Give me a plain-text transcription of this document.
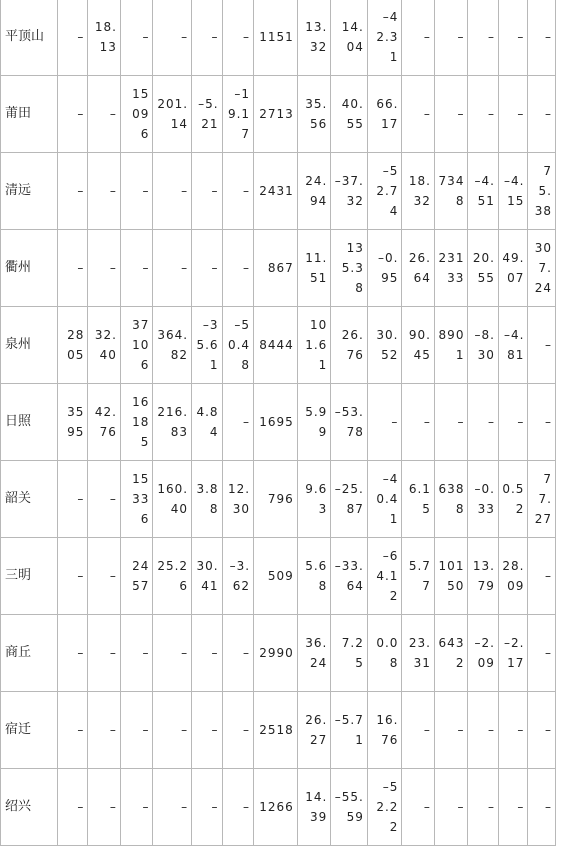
平顶山	–	18.13	–	–	–	–	1151	13.32	14.04	–42.31	–	–	–	–	–
莆田	–	–	15096	201.14	–5.21	–19.17	2713	35.56	40.55	66.17	–	–	–	–	–
清远	–	–	–	–	–	–	2431	24.94	–37.32	–52.74	18.32	7348	–4.51	–4.15	75.38
衢州	–	–	–	–	–	–	867	11.51	135.38	–0.95	26.64	23133	20.55	49.07	307.24
泉州	2805	32.40	37106	364.82	–35.61	–50.48	8444	101.61	26.76	30.52	90.45	8901	–8.30	–4.81	–
日照	3595	42.76	16185	216.83	4.84	–	1695	5.99	–53.78	–	–	–	–	–	–
韶关	–	–	15336	160.40	3.88	12.30	796	9.63	–25.87	–40.41	6.15	6388	–0.33	0.52	77.27
三明	–	–	2457	25.26	30.41	–3.62	509	5.68	–33.64	–64.12	5.77	10150	13.79	28.09	–
商丘	–	–	–	–	–	–	2990	36.24	7.25	0.08	23.31	6432	–2.09	–2.17	–
宿迁	–	–	–	–	–	–	2518	26.27	–5.71	16.76	–	–	–	–	–
绍兴	–	–	–	–	–	–	1266	14.39	–55.59	–52.22	–	–	–	–	–
